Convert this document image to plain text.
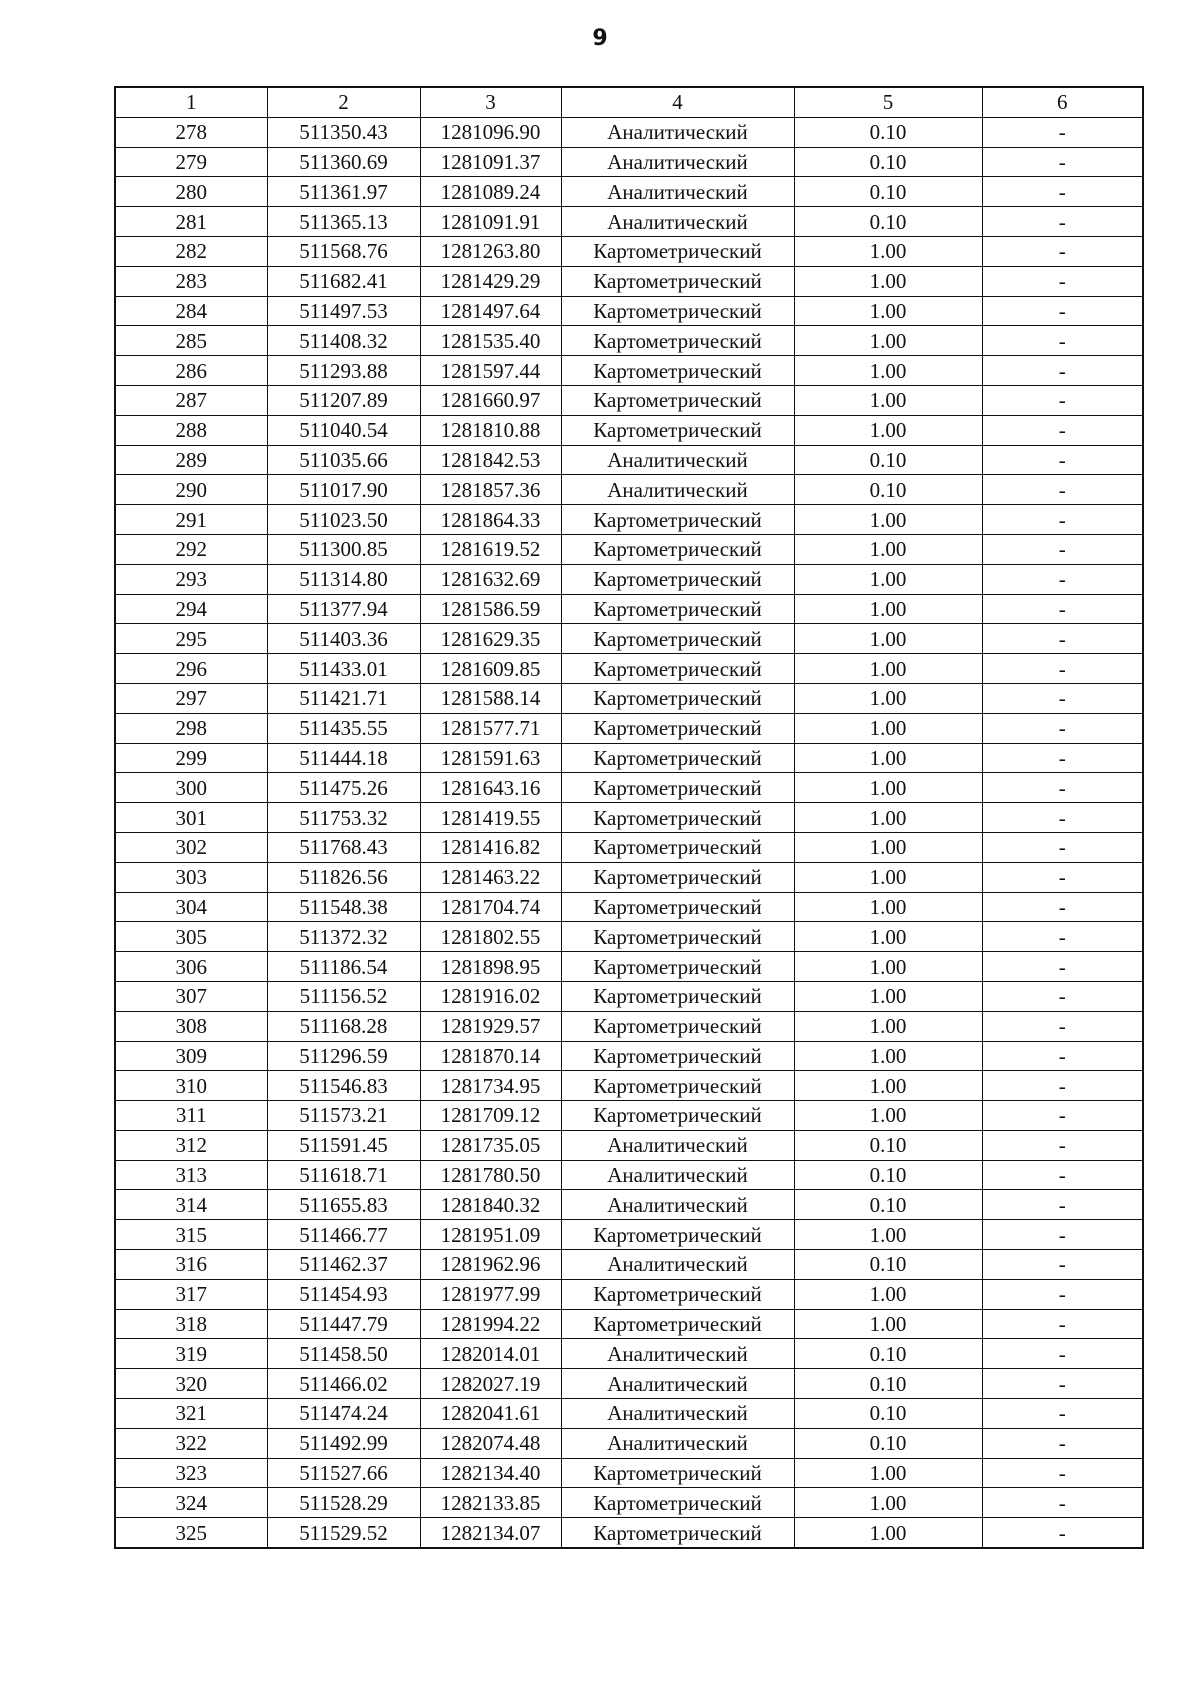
9
1	2	3	4	5	6
278	511350.43	1281096.90	Аналитический	0.10	-
279	511360.69	1281091.37	Аналитический	0.10	-
280	511361.97	1281089.24	Аналитический	0.10	-
281	511365.13	1281091.91	Аналитический	0.10	-
282	511568.76	1281263.80	Картометрический	1.00	-
283	511682.41	1281429.29	Картометрический	1.00	-
284	511497.53	1281497.64	Картометрический	1.00	-
285	511408.32	1281535.40	Картометрический	1.00	-
286	511293.88	1281597.44	Картометрический	1.00	-
287	511207.89	1281660.97	Картометрический	1.00	-
288	511040.54	1281810.88	Картометрический	1.00	-
289	511035.66	1281842.53	Аналитический	0.10	-
290	511017.90	1281857.36	Аналитический	0.10	-
291	511023.50	1281864.33	Картометрический	1.00	-
292	511300.85	1281619.52	Картометрический	1.00	-
293	511314.80	1281632.69	Картометрический	1.00	-
294	511377.94	1281586.59	Картометрический	1.00	-
295	511403.36	1281629.35	Картометрический	1.00	-
296	511433.01	1281609.85	Картометрический	1.00	-
297	511421.71	1281588.14	Картометрический	1.00	-
298	511435.55	1281577.71	Картометрический	1.00	-
299	511444.18	1281591.63	Картометрический	1.00	-
300	511475.26	1281643.16	Картометрический	1.00	-
301	511753.32	1281419.55	Картометрический	1.00	-
302	511768.43	1281416.82	Картометрический	1.00	-
303	511826.56	1281463.22	Картометрический	1.00	-
304	511548.38	1281704.74	Картометрический	1.00	-
305	511372.32	1281802.55	Картометрический	1.00	-
306	511186.54	1281898.95	Картометрический	1.00	-
307	511156.52	1281916.02	Картометрический	1.00	-
308	511168.28	1281929.57	Картометрический	1.00	-
309	511296.59	1281870.14	Картометрический	1.00	-
310	511546.83	1281734.95	Картометрический	1.00	-
311	511573.21	1281709.12	Картометрический	1.00	-
312	511591.45	1281735.05	Аналитический	0.10	-
313	511618.71	1281780.50	Аналитический	0.10	-
314	511655.83	1281840.32	Аналитический	0.10	-
315	511466.77	1281951.09	Картометрический	1.00	-
316	511462.37	1281962.96	Аналитический	0.10	-
317	511454.93	1281977.99	Картометрический	1.00	-
318	511447.79	1281994.22	Картометрический	1.00	-
319	511458.50	1282014.01	Аналитический	0.10	-
320	511466.02	1282027.19	Аналитический	0.10	-
321	511474.24	1282041.61	Аналитический	0.10	-
322	511492.99	1282074.48	Аналитический	0.10	-
323	511527.66	1282134.40	Картометрический	1.00	-
324	511528.29	1282133.85	Картометрический	1.00	-
325	511529.52	1282134.07	Картометрический	1.00	-
